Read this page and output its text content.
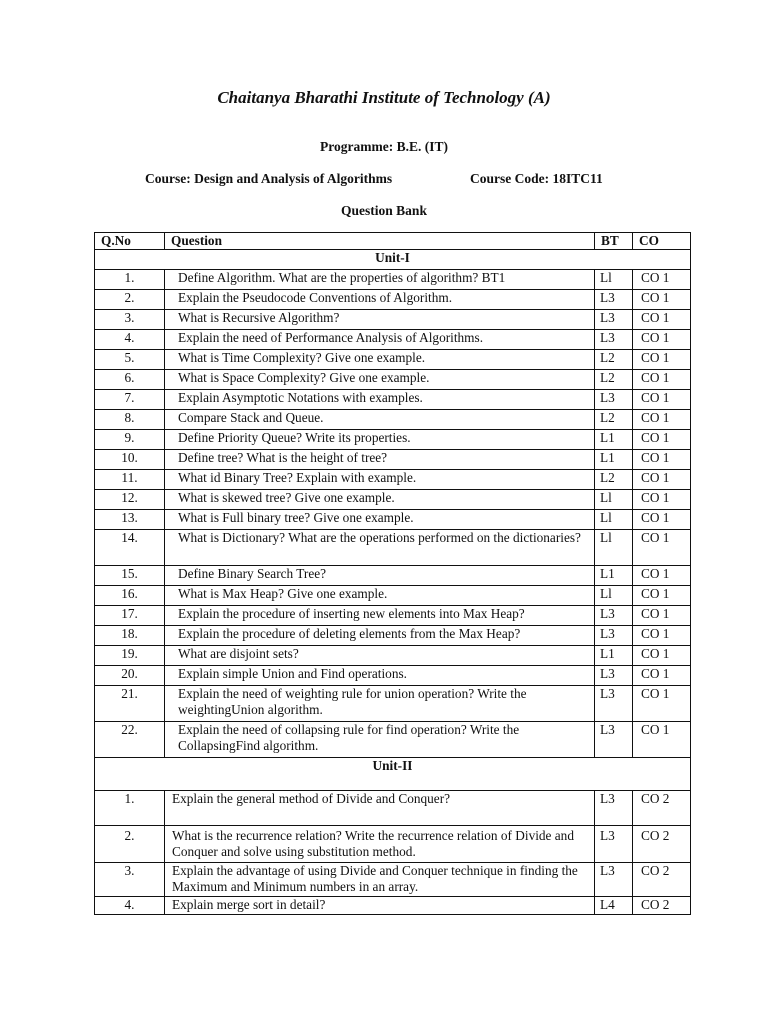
Chaitanya Bharathi Institute of Technology (A)
Programme: B.E. (IT)
Course: Design and Analysis of Algorithms	Course Code: 18ITC11
Question Bank
Q.No	Question	BT	CO
Unit-I			
1.	Define Algorithm. What are the properties of algorithm? BT1	Ll	CO 1
2.	Explain the Pseudocode Conventions of Algorithm.	L3	CO 1
3.	What is Recursive Algorithm?	L3	CO 1
4.	Explain the need of Performance Analysis of Algorithms.	L3	CO 1
5.	What is Time Complexity? Give one example.	L2	CO 1
6.	What is Space Complexity? Give one example.	L2	CO 1
7.	Explain Asymptotic Notations with examples.	L3	CO 1
8.	Compare Stack and Queue.	L2	CO 1
9.	Define Priority Queue? Write its properties.	L1	CO 1
10.	Define tree? What is the height of tree?	L1	CO 1
11.	What id Binary Tree? Explain with example.	L2	CO 1
12.	What is skewed tree? Give one example.	Ll	CO 1
13.	What is Full binary tree? Give one example.	Ll	CO 1
14.	What is Dictionary? What are the operations performed on the dictionaries?	Ll	CO 1
15.	Define Binary Search Tree?	L1	CO 1
16.	What is Max Heap? Give one example.	Ll	CO 1
17.	Explain the procedure of inserting new elements into Max Heap?	L3	CO 1
18.	Explain the procedure of deleting elements from the Max Heap?	L3	CO 1
19.	What are disjoint sets?	L1	CO 1
20.	Explain simple Union and Find operations.	L3	CO 1
21.	Explain the need of weighting rule for union operation? Write the weightingUnion algorithm.	L3	CO 1
22.	Explain the need of collapsing rule for find operation? Write the CollapsingFind algorithm.	L3	CO 1
Unit-II			
1.	Explain the general method of Divide and Conquer?	L3	CO 2
2.	What is the recurrence relation? Write the recurrence relation of Divide and Conquer and solve using substitution method.	L3	CO 2
3.	Explain the advantage of using Divide and Conquer technique in finding the Maximum and Minimum numbers in an array.	L3	CO 2
4.	Explain merge sort in detail?	L4	CO 2
